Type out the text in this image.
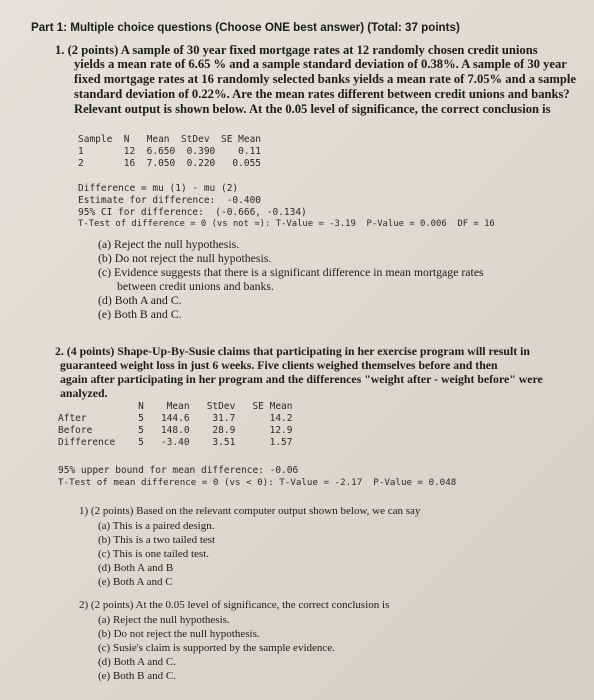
Part 1: Multiple choice questions (Choose ONE best answer) (Total: 37 points)
1. (2 points) A sample of 30 year fixed mortgage rates at 12 randomly chosen credit unions
yields a mean rate of 6.65 % and a sample standard deviation of 0.38%. A sample of 30 year
fixed mortgage rates at 16 randomly selected banks yields a mean rate of 7.05% and a sample
standard deviation of 0.22%. Are the mean rates different between credit unions and banks?
Relevant output is shown below. At the 0.05 level of significance, the correct conclusion is
Sample  N   Mean  StDev  SE Mean
1       12  6.650  0.390    0.11
2       16  7.050  0.220   0.055
Difference = mu (1) - mu (2)
Estimate for difference:  -0.400
95% CI for difference:  (-0.666, -0.134)
T-Test of difference = 0 (vs not =): T-Value = -3.19  P-Value = 0.006  DF = 16
(a) Reject the null hypothesis.
(b) Do not reject the null hypothesis.
(c) Evidence suggests that there is a significant difference in mean mortgage rates
between credit unions and banks.
(d) Both A and C.
(e) Both B and C.
2. (4 points) Shape-Up-By-Susie claims that participating in her exercise program will result in
guaranteed weight loss in just 6 weeks. Five clients weighed themselves before and then
again after participating in her program and the differences "weight after - weight before" were
analyzed.
N    Mean   StDev   SE Mean
After         5   144.6    31.7      14.2
Before        5   148.0    28.9      12.9
Difference    5   -3.40    3.51      1.57
95% upper bound for mean difference: -0.06
T-Test of mean difference = 0 (vs < 0): T-Value = -2.17  P-Value = 0.048
1) (2 points) Based on the relevant computer output shown below, we can say
(a) This is a paired design.
(b) This is a two tailed test
(c) This is one tailed test.
(d) Both A and B
(e) Both A and C
2) (2 points) At the 0.05 level of significance, the correct conclusion is
(a) Reject the null hypothesis.
(b) Do not reject the null hypothesis.
(c) Susie's claim is supported by the sample evidence.
(d) Both A and C.
(e) Both B and C.
